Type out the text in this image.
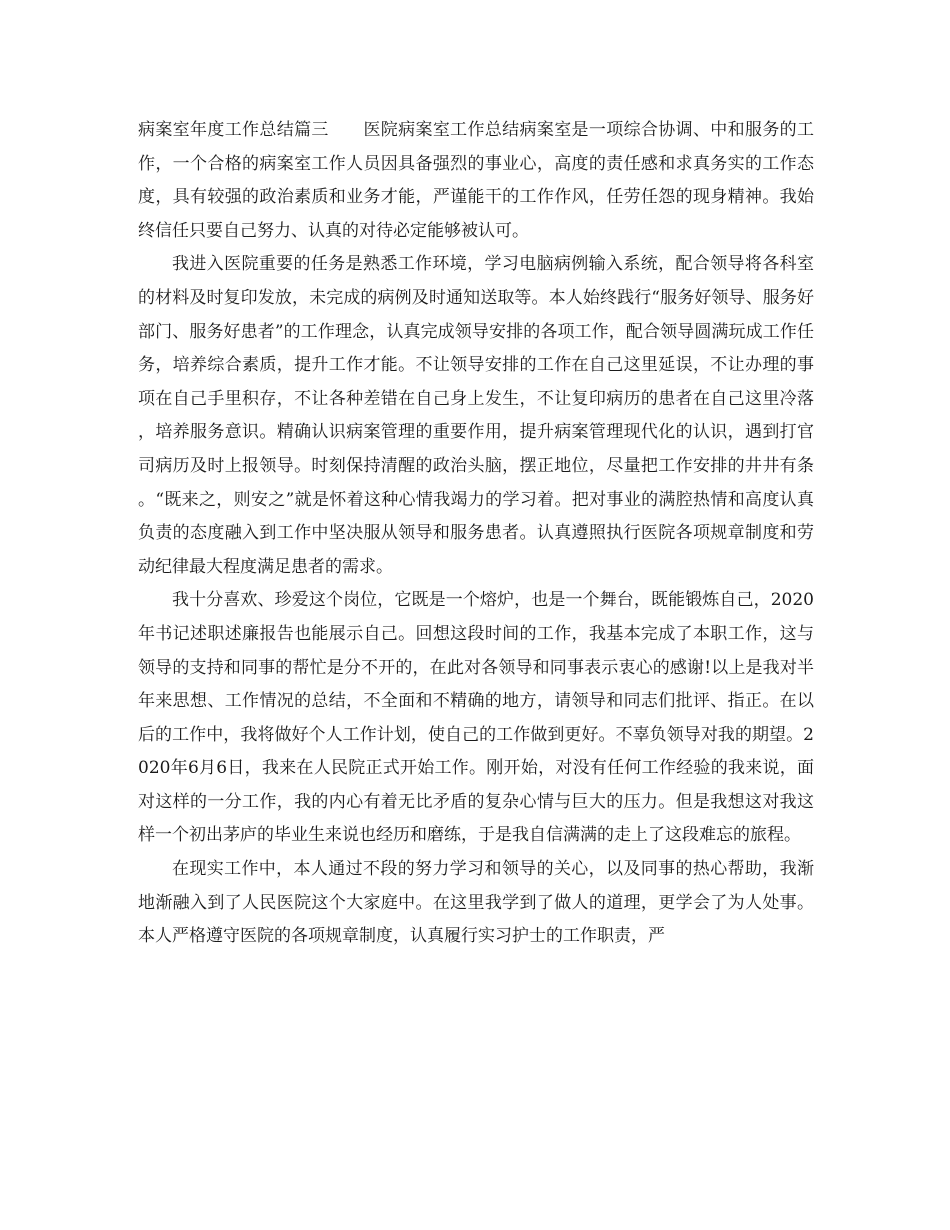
病案室年度工作总结篇三　　医院病案室工作总结病案室是一项综合协调、中和服务的工作，一个合格的病案室工作人员因具备强烈的事业心，高度的责任感和求真务实的工作态度，具有较强的政治素质和业务才能，严谨能干的工作作风，任劳任怨的现身精神。我始终信任只要自己努力、认真的对待必定能够被认可。

我进入医院重要的任务是熟悉工作环境，学习电脑病例输入系统，配合领导将各科室的材料及时复印发放，未完成的病例及时通知送取等。本人始终践行“服务好领导、服务好部门、服务好患者”的工作理念，认真完成领导安排的各项工作，配合领导圆满玩成工作任务，培养综合素质，提升工作才能。不让领导安排的工作在自己这里延误，不让办理的事项在自己手里积存，不让各种差错在自己身上发生，不让复印病历的患者在自己这里冷落，培养服务意识。精确认识病案管理的重要作用，提升病案管理现代化的认识，遇到打官司病历及时上报领导。时刻保持清醒的政治头脑，摆正地位，尽量把工作安排的井井有条。“既来之，则安之”就是怀着这种心情我竭力的学习着。把对事业的满腔热情和高度认真负责的态度融入到工作中坚决服从领导和服务患者。认真遵照执行医院各项规章制度和劳动纪律最大程度满足患者的需求。

我十分喜欢、珍爱这个岗位，它既是一个熔炉，也是一个舞台，既能锻炼自己，2020年书记述职述廉报告也能展示自己。回想这段时间的工作，我基本完成了本职工作，这与领导的支持和同事的帮忙是分不开的，在此对各领导和同事表示衷心的感谢!以上是我对半年来思想、工作情况的总结，不全面和不精确的地方，请领导和同志们批评、指正。在以后的工作中，我将做好个人工作计划，使自己的工作做到更好。不辜负领导对我的期望。2020年6月6日，我来在人民院正式开始工作。刚开始，对没有任何工作经验的我来说，面对这样的一分工作，我的内心有着无比矛盾的复杂心情与巨大的压力。但是我想这对我这样一个初出茅庐的毕业生来说也经历和磨练，于是我自信满满的走上了这段难忘的旅程。

在现实工作中，本人通过不段的努力学习和领导的关心，以及同事的热心帮助，我渐地渐融入到了人民医院这个大家庭中。在这里我学到了做人的道理，更学会了为人处事。本人严格遵守医院的各项规章制度，认真履行实习护士的工作职责，严
